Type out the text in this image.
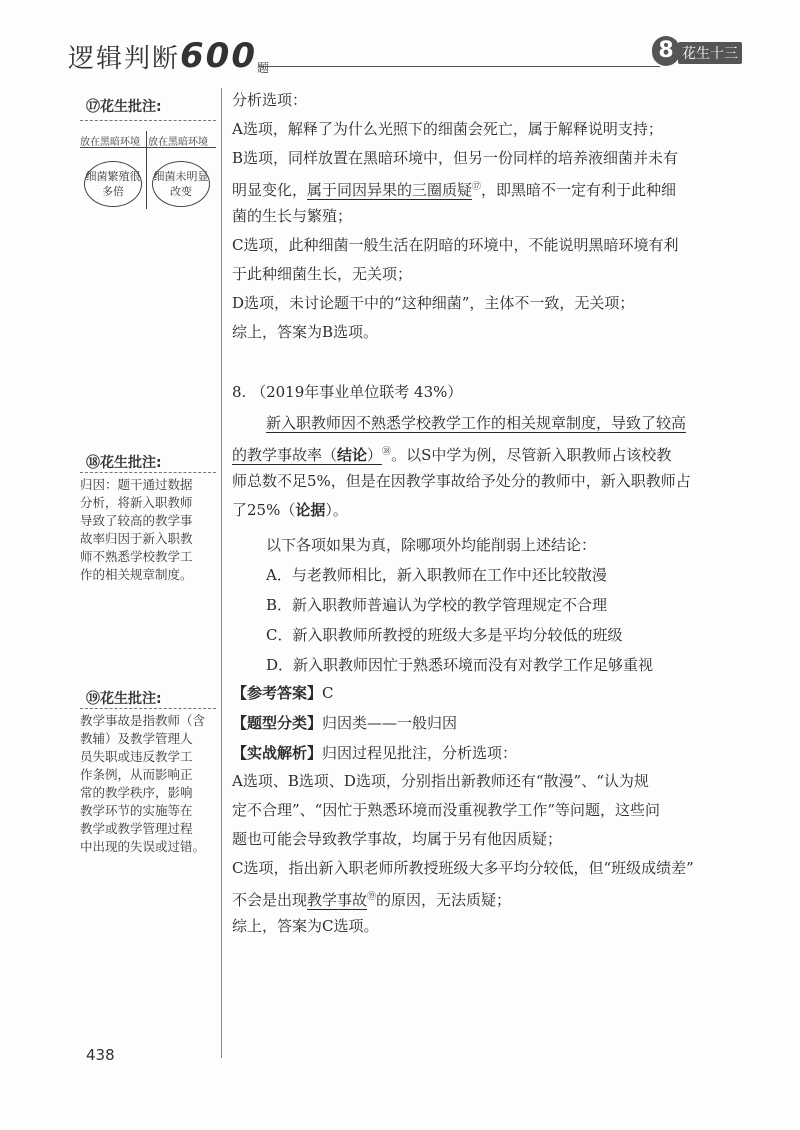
逻辑判断600题
8 花生十三
⑰花生批注:
放在黑暗环境 放在黑暗环境
细菌繁殖很多倍
细菌未明显改变
⑱花生批注:
归因：题干通过数据
分析，将新入职教师
导致了较高的教学事
故率归因于新入职教
师不熟悉学校教学工
作的相关规章制度。
⑲花生批注:
教学事故是指教师（含
教辅）及教学管理人
员失职或违反教学工
作条例，从而影响正
常的教学秩序，影响
教学环节的实施等在
教学或教学管理过程
中出现的失误或过错。
分析选项：
A选项，解释了为什么光照下的细菌会死亡，属于解释说明支持；
B选项，同样放置在黑暗环境中，但另一份同样的培养液细菌并未有
明显变化，属于同因异果的三圈质疑⑰，即黑暗不一定有利于此种细
菌的生长与繁殖；
C选项，此种细菌一般生活在阴暗的环境中，不能说明黑暗环境有利
于此种细菌生长，无关项；
D选项，未讨论题干中的“这种细菌”，主体不一致，无关项；
综上，答案为B选项。
8. （2019年事业单位联考 43%）
新入职教师因不熟悉学校教学工作的相关规章制度，导致了较高
的教学事故率（结论）⑱。以S中学为例，尽管新入职教师占该校教
师总数不足5%，但是在因教学事故给予处分的教师中，新入职教师占
了25%（论据）。
以下各项如果为真，除哪项外均能削弱上述结论：
A．与老教师相比，新入职教师在工作中还比较散漫
B．新入职教师普遍认为学校的教学管理规定不合理
C．新入职教师所教授的班级大多是平均分较低的班级
D．新入职教师因忙于熟悉环境而没有对教学工作足够重视
【参考答案】C
【题型分类】归因类——一般归因
【实战解析】归因过程见批注，分析选项：
A选项、B选项、D选项，分别指出新教师还有“散漫”、“认为规
定不合理”、“因忙于熟悉环境而没重视教学工作”等问题，这些问
题也可能会导致教学事故，均属于另有他因质疑；
C选项，指出新入职老师所教授班级大多平均分较低，但“班级成绩差”
不会是出现教学事故⑲的原因，无法质疑；
综上，答案为C选项。
438
